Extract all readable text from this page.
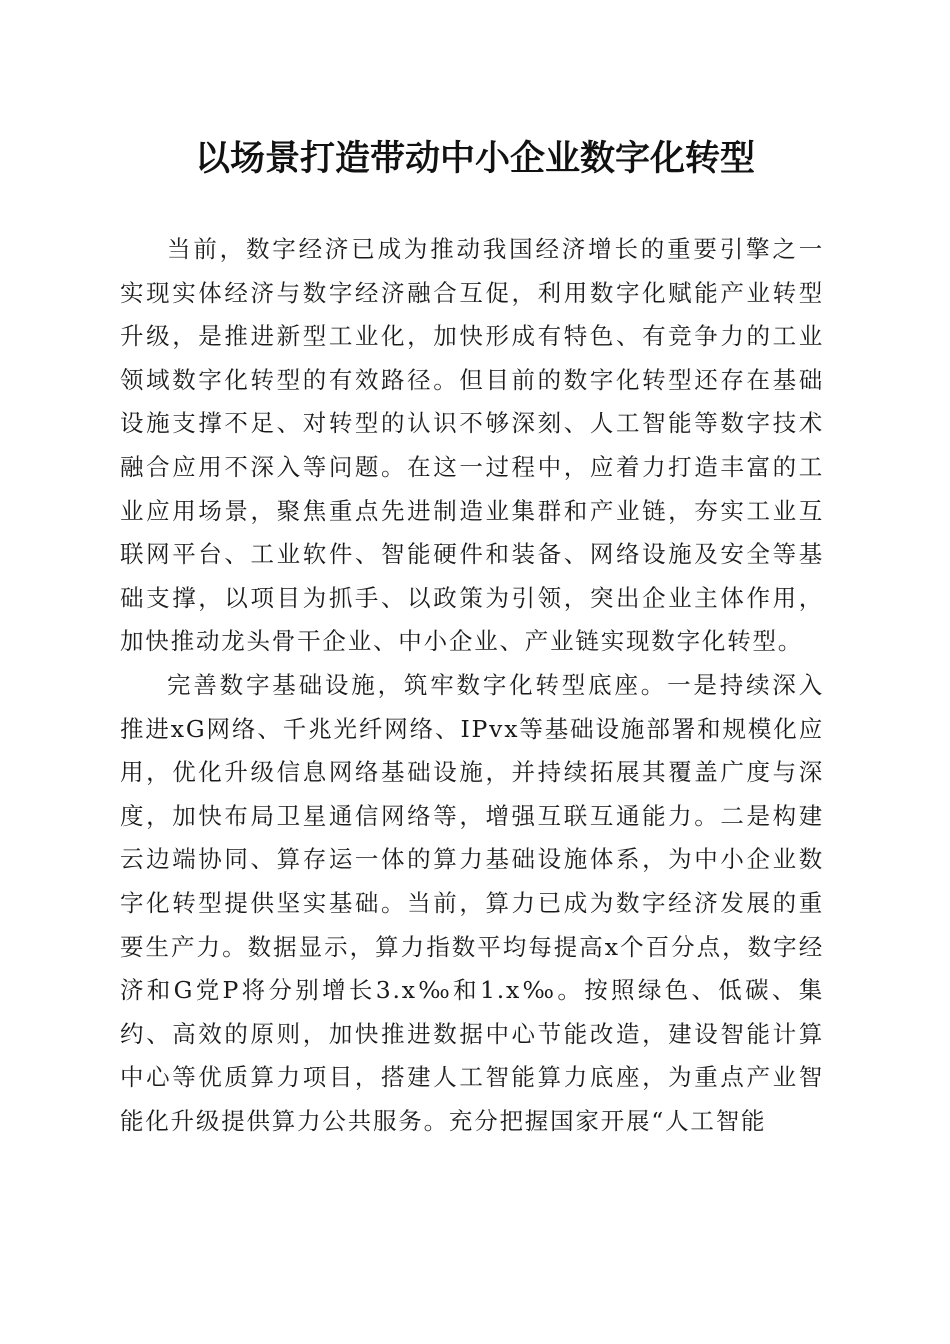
以场景打造带动中小企业数字化转型

当前，数字经济已成为推动我国经济增长的重要引擎之一实现实体经济与数字经济融合互促，利用数字化赋能产业转型升级，是推进新型工业化，加快形成有特色、有竞争力的工业领域数字化转型的有效路径。但目前的数字化转型还存在基础设施支撑不足、对转型的认识不够深刻、人工智能等数字技术融合应用不深入等问题。在这一过程中，应着力打造丰富的工业应用场景，聚焦重点先进制造业集群和产业链，夯实工业互联网平台、工业软件、智能硬件和装备、网络设施及安全等基础支撑，以项目为抓手、以政策为引领，突出企业主体作用，加快推动龙头骨干企业、中小企业、产业链实现数字化转型。

完善数字基础设施，筑牢数字化转型底座。一是持续深入推进xG网络、千兆光纤网络、IPvx等基础设施部署和规模化应用，优化升级信息网络基础设施，并持续拓展其覆盖广度与深度，加快布局卫星通信网络等，增强互联互通能力。二是构建云边端协同、算存运一体的算力基础设施体系，为中小企业数字化转型提供坚实基础。当前，算力已成为数字经济发展的重要生产力。数据显示，算力指数平均每提高x个百分点，数字经济和G党P将分别增长3.x‰和1.x‰。按照绿色、低碳、集约、高效的原则，加快推进数据中心节能改造，建设智能计算中心等优质算力项目，搭建人工智能算力底座，为重点产业智能化升级提供算力公共服务。充分把握国家开展“人工智能
